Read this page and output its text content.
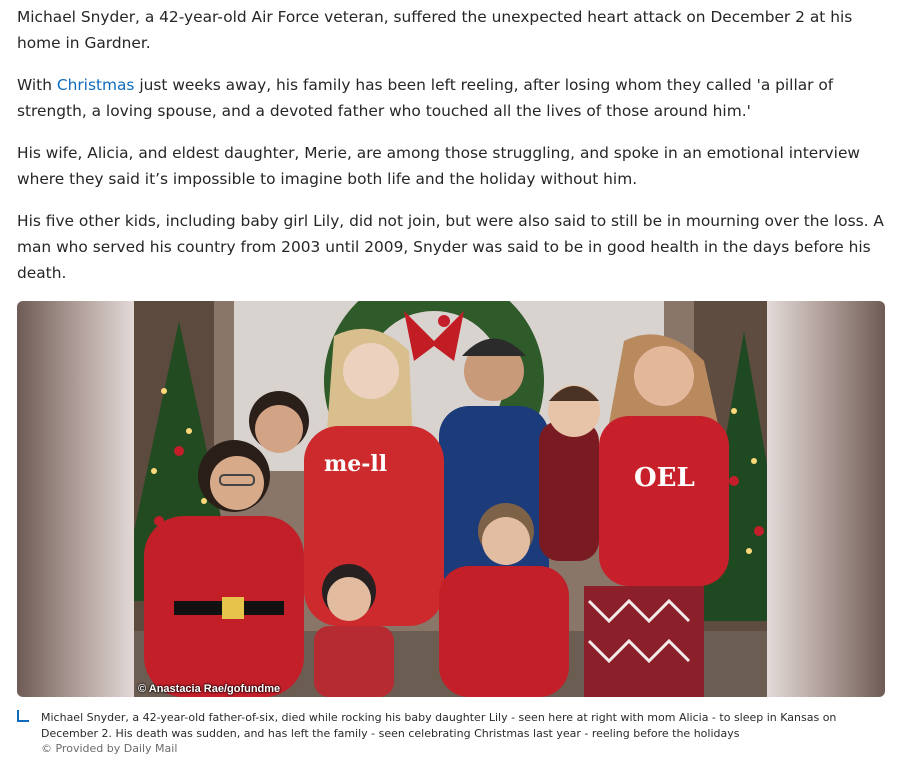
Michael Snyder, a 42-year-old Air Force veteran, suffered the unexpected heart attack on December 2 at his home in Gardner.

With Christmas just weeks away, his family has been left reeling, after losing whom they called 'a pillar of strength, a loving spouse, and a devoted father who touched all the lives of those around him.'

His wife, Alicia, and eldest daughter, Merie, are among those struggling, and spoke in an emotional interview where they said it’s impossible to imagine both life and the holiday without him.

His five other kids, including baby girl Lily, did not join, but were also said to still be in mourning over the loss. A man who served his country from 2003 until 2009, Snyder was said to be in good health in the days before his death.

OEL
me-ll
© Anastacia Rae/gofundme
Michael Snyder, a 42-year-old father-of-six, died while rocking his baby daughter Lily - seen here at right with mom Alicia - to sleep in Kansas on December 2. His death was sudden, and has left the family - seen celebrating Christmas last year - reeling before the holidays
© Provided by Daily Mail
